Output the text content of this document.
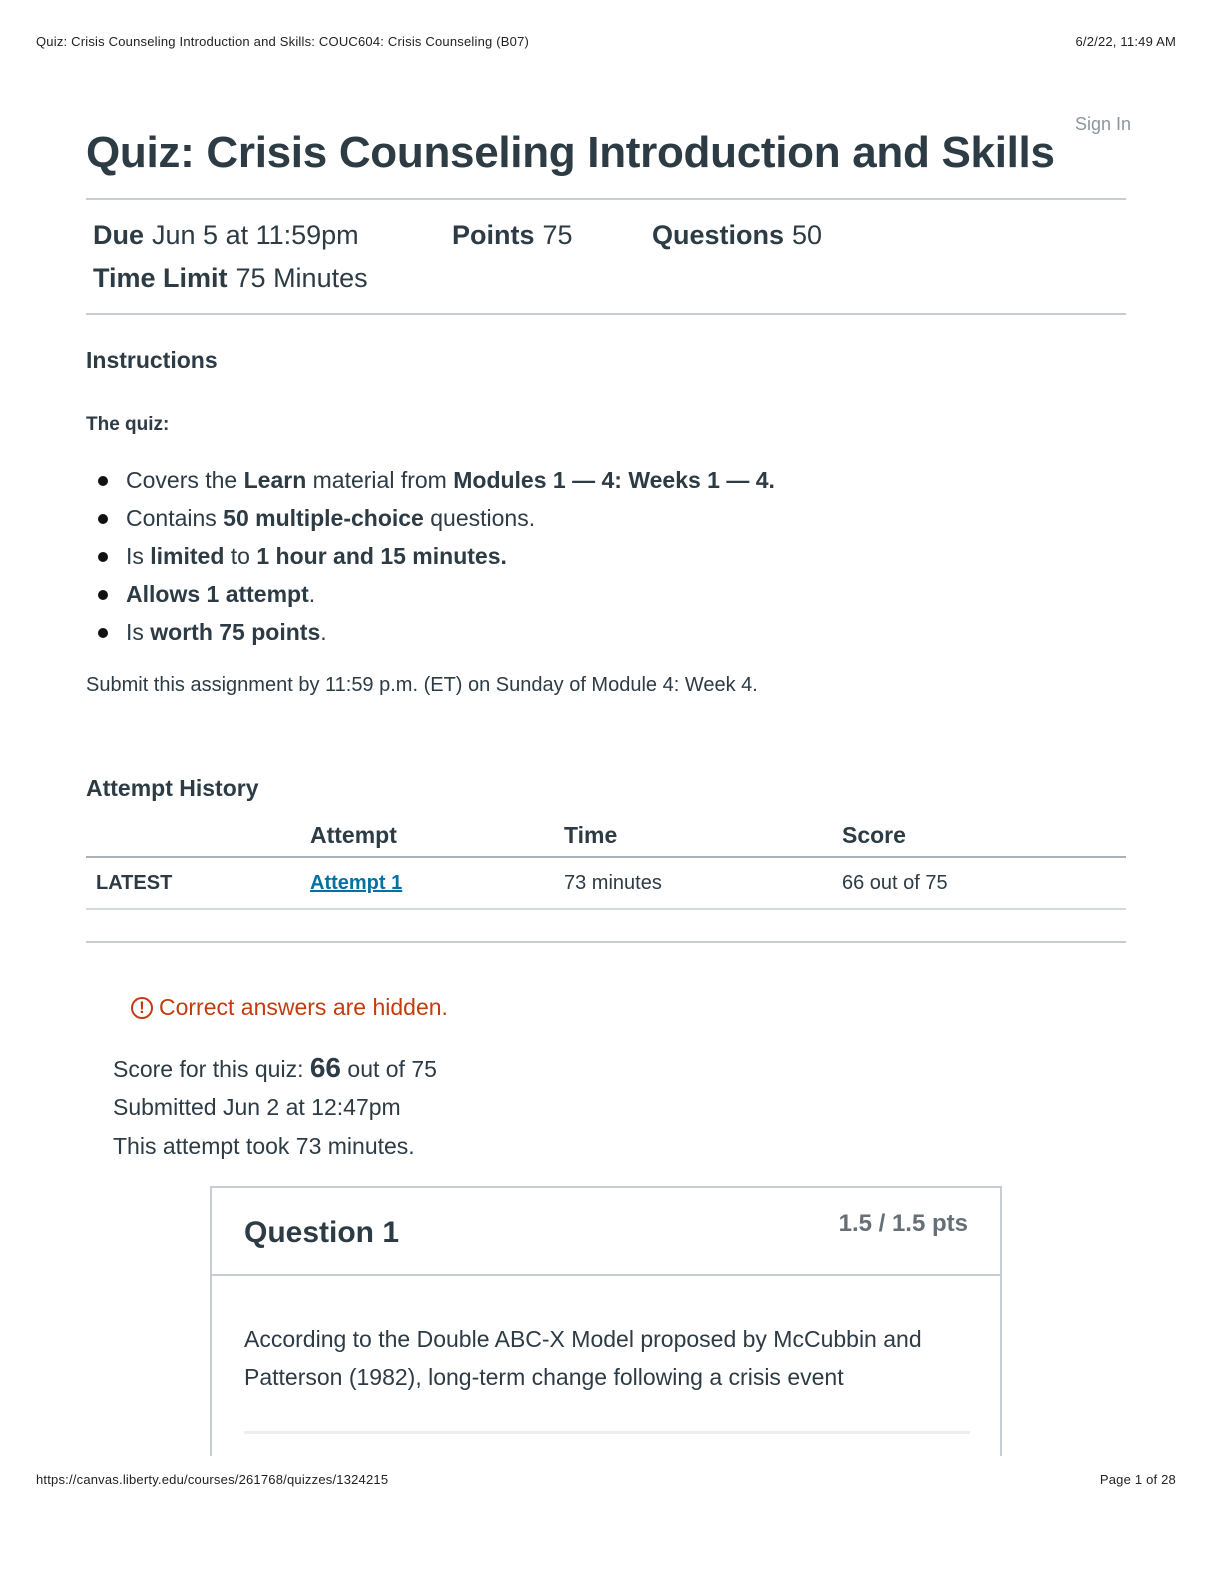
Quiz: Crisis Counseling Introduction and Skills: COUC604: Crisis Counseling (B07)	6/2/22, 11:49 AM
Sign In
Quiz: Crisis Counseling Introduction and Skills
Due Jun 5 at 11:59pm	Points 75	Questions 50
Time Limit 75 Minutes
Instructions
The quiz:
Covers the Learn material from Modules 1 — 4: Weeks 1 — 4.
Contains 50 multiple-choice questions.
Is limited to 1 hour and 15 minutes.
Allows 1 attempt.
Is worth 75 points.
Submit this assignment by 11:59 p.m. (ET) on Sunday of Module 4: Week 4.
Attempt History
	Attempt	Time	Score
LATEST	Attempt 1	73 minutes	66 out of 75
! Correct answers are hidden.
Score for this quiz: 66 out of 75
Submitted Jun 2 at 12:47pm
This attempt took 73 minutes.
Question 1	1.5 / 1.5 pts
According to the Double ABC-X Model proposed by McCubbin and Patterson (1982), long-term change following a crisis event
https://canvas.liberty.edu/courses/261768/quizzes/1324215	Page 1 of 28
